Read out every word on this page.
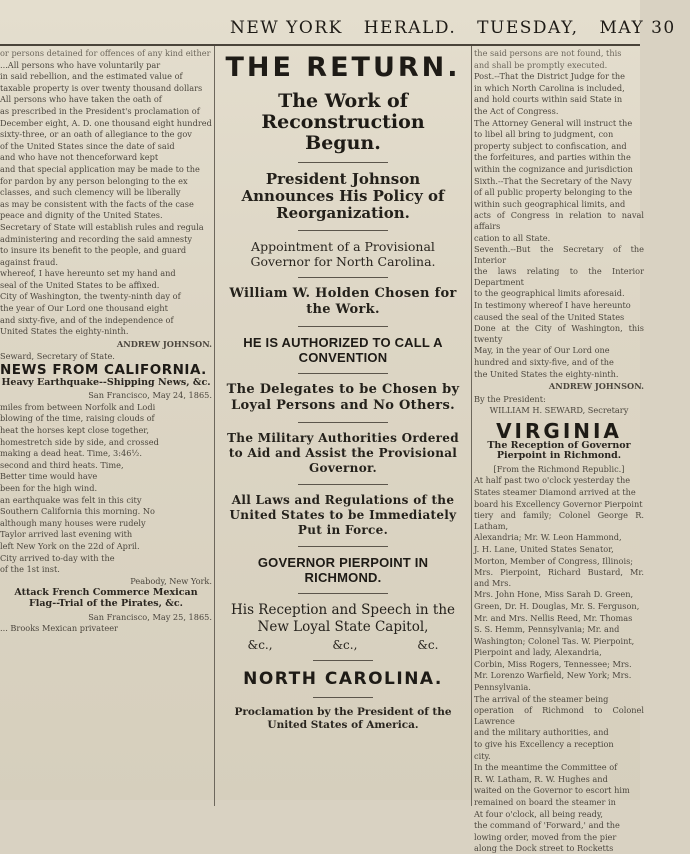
NEW YORK HERALD. TUESDAY, MAY 30

or persons detained for offences of any kind either

...All persons who have voluntarily par

in said rebellion, and the estimated value of

taxable property is over twenty thousand dollars

All persons who have taken the oath of

as prescribed in the President's proclamation of

December eight, A. D. one thousand eight hundred

sixty-three, or an oath of allegiance to the gov

of the United States since the date of said

and who have not thenceforward kept

and that special application may be made to the

for pardon by any person belonging to the ex

classes, and such clemency will be liberally

as may be consistent with the facts of the case

peace and dignity of the United States.

Secretary of State will establish rules and regula

administering and recording the said amnesty

to insure its benefit to the people, and guard

against fraud.

whereof, I have hereunto set my hand and

seal of the United States to be affixed.

City of Washington, the twenty-ninth day of

the year of Our Lord one thousand eight

and sixty-five, and of the independence of

United States the eighty-ninth.

ANDREW JOHNSON.

Seward, Secretary of State.

NEWS FROM CALIFORNIA.
Heavy Earthquake--Shipping News, &c.

San Francisco, May 24, 1865.

miles from between Norfolk and Lodi

blowing of the time, raising clouds of

heat the horses kept close together,

homestretch side by side, and crossed

making a dead heat. Time, 3:46½.

second and third heats. Time,

Better time would have

been for the high wind.

an earthquake was felt in this city

Southern California this morning. No

although many houses were rudely

Taylor arrived last evening with

left New York on the 22d of April.

City arrived to-day with the

of the 1st inst.

Peabody, New York.

Attack French Commerce Mexican Flag--Trial of the Pirates, &c.

San Francisco, May 25, 1865.

... Brooks Mexican privateer

THE RETURN.
The Work of Reconstruction Begun.
President Johnson Announces His Policy of Reorganization.
Appointment of a Provisional Governor for North Carolina.
William W. Holden Chosen for the Work.
HE IS AUTHORIZED TO CALL A CONVENTION
The Delegates to be Chosen by Loyal Persons and No Others.
The Military Authorities Ordered to Aid and Assist the Provisional Governor.
All Laws and Regulations of the United States to be Immediately Put in Force.
GOVERNOR PIERPOINT IN RICHMOND.
His Reception and Speech in the New Loyal State Capitol,
&c., &c., &c.
NORTH CAROLINA.
Proclamation by the President of the United States of America.

the said persons are not found, this

and shall be promptly executed.

Post.--That the District Judge for the

in which North Carolina is included,

and hold courts within said State in

the Act of Congress.

The Attorney General will instruct the

to libel all bring to judgment, con

property subject to confiscation, and

the forfeitures, and parties within the

within the cognizance and jurisdiction

Sixth.--That the Secretary of the Navy

of all public property belonging to the

within such geographical limits, and

acts of Congress in relation to naval affairs

cation to all State.

Seventh.--But the Secretary of the Interior

the laws relating to the Interior Department

to the geographical limits aforesaid.

In testimony whereof I have hereunto

caused the seal of the United States

Done at the City of Washington, this twenty

May, in the year of Our Lord one

hundred and sixty-five, and of the

the United States the eighty-ninth.

ANDREW JOHNSON.

By the President:

WILLIAM H. SEWARD, Secretary

VIRGINIA
The Reception of Governor Pierpoint in Richmond.

[From the Richmond Republic.]

At half past two o'clock yesterday the

States steamer Diamond arrived at the

board his Excellency Governor Pierpoint

tiery and family; Colonel George R. Latham,

Alexandria; Mr. W. Leon Hammond,

J. H. Lane, United States Senator,

Morton, Member of Congress, Illinois;

Mrs. Pierpoint, Richard Bustard, Mr. and Mrs.

Mrs. John Hone, Miss Sarah D. Green,

Green, Dr. H. Douglas, Mr. S. Ferguson,

Mr. and Mrs. Nellis Reed, Mr. Thomas

S. S. Hemm, Pennsylvania; Mr. and

Washington; Colonel Tas. W. Pierpoint,

Pierpoint and lady, Alexandria,

Corbin, Miss Rogers, Tennessee; Mrs.

Mr. Lorenzo Warfield, New York; Mrs.

Pennsylvania.

The arrival of the steamer being

operation of Richmond to Colonel Lawrence

and the military authorities, and

to give his Excellency a reception

city.

In the meantime the Committee of

R. W. Latham, R. W. Hughes and

waited on the Governor to escort him

remained on board the steamer in

At four o'clock, all being ready,

the command of 'Forward,' and the

lowing order, moved from the pier

along the Dock street to Rocketts
